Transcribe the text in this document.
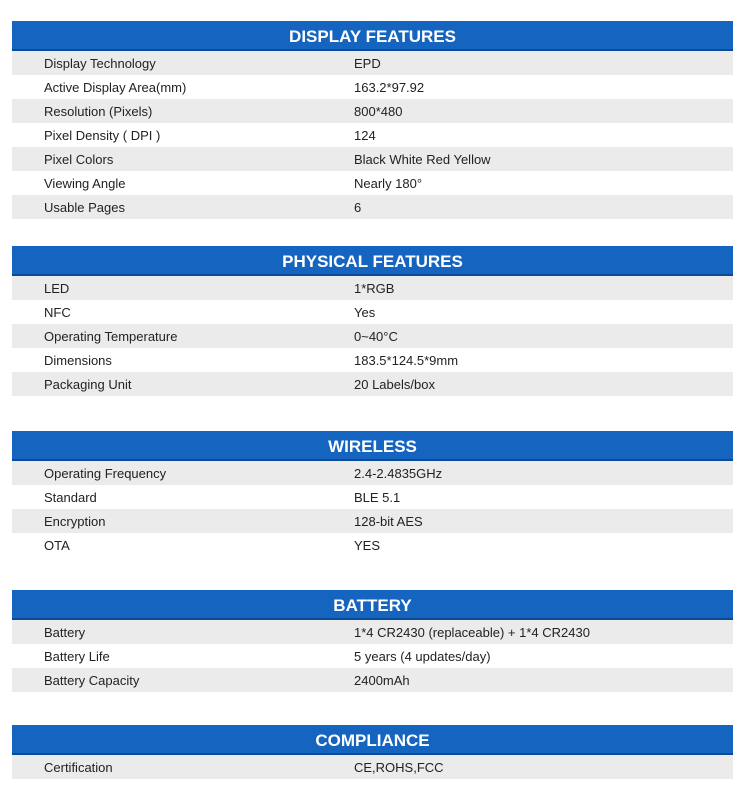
DISPLAY FEATURES
Display Technology	EPD
Active Display Area(mm)	163.2*97.92
Resolution (Pixels)	800*480
Pixel Density ( DPI )	124
Pixel Colors	Black White Red Yellow
Viewing Angle	Nearly 180°
Usable Pages	6
PHYSICAL FEATURES
LED	1*RGB
NFC	Yes
Operating Temperature	0~40°C
Dimensions	183.5*124.5*9mm
Packaging Unit	20 Labels/box
WIRELESS
Operating Frequency	2.4-2.4835GHz
Standard	BLE 5.1
Encryption	128-bit AES
OTA	YES
BATTERY
Battery	1*4 CR2430 (replaceable) + 1*4 CR2430
Battery Life	5 years (4 updates/day)
Battery Capacity	2400mAh
COMPLIANCE
Certification	CE,ROHS,FCC
